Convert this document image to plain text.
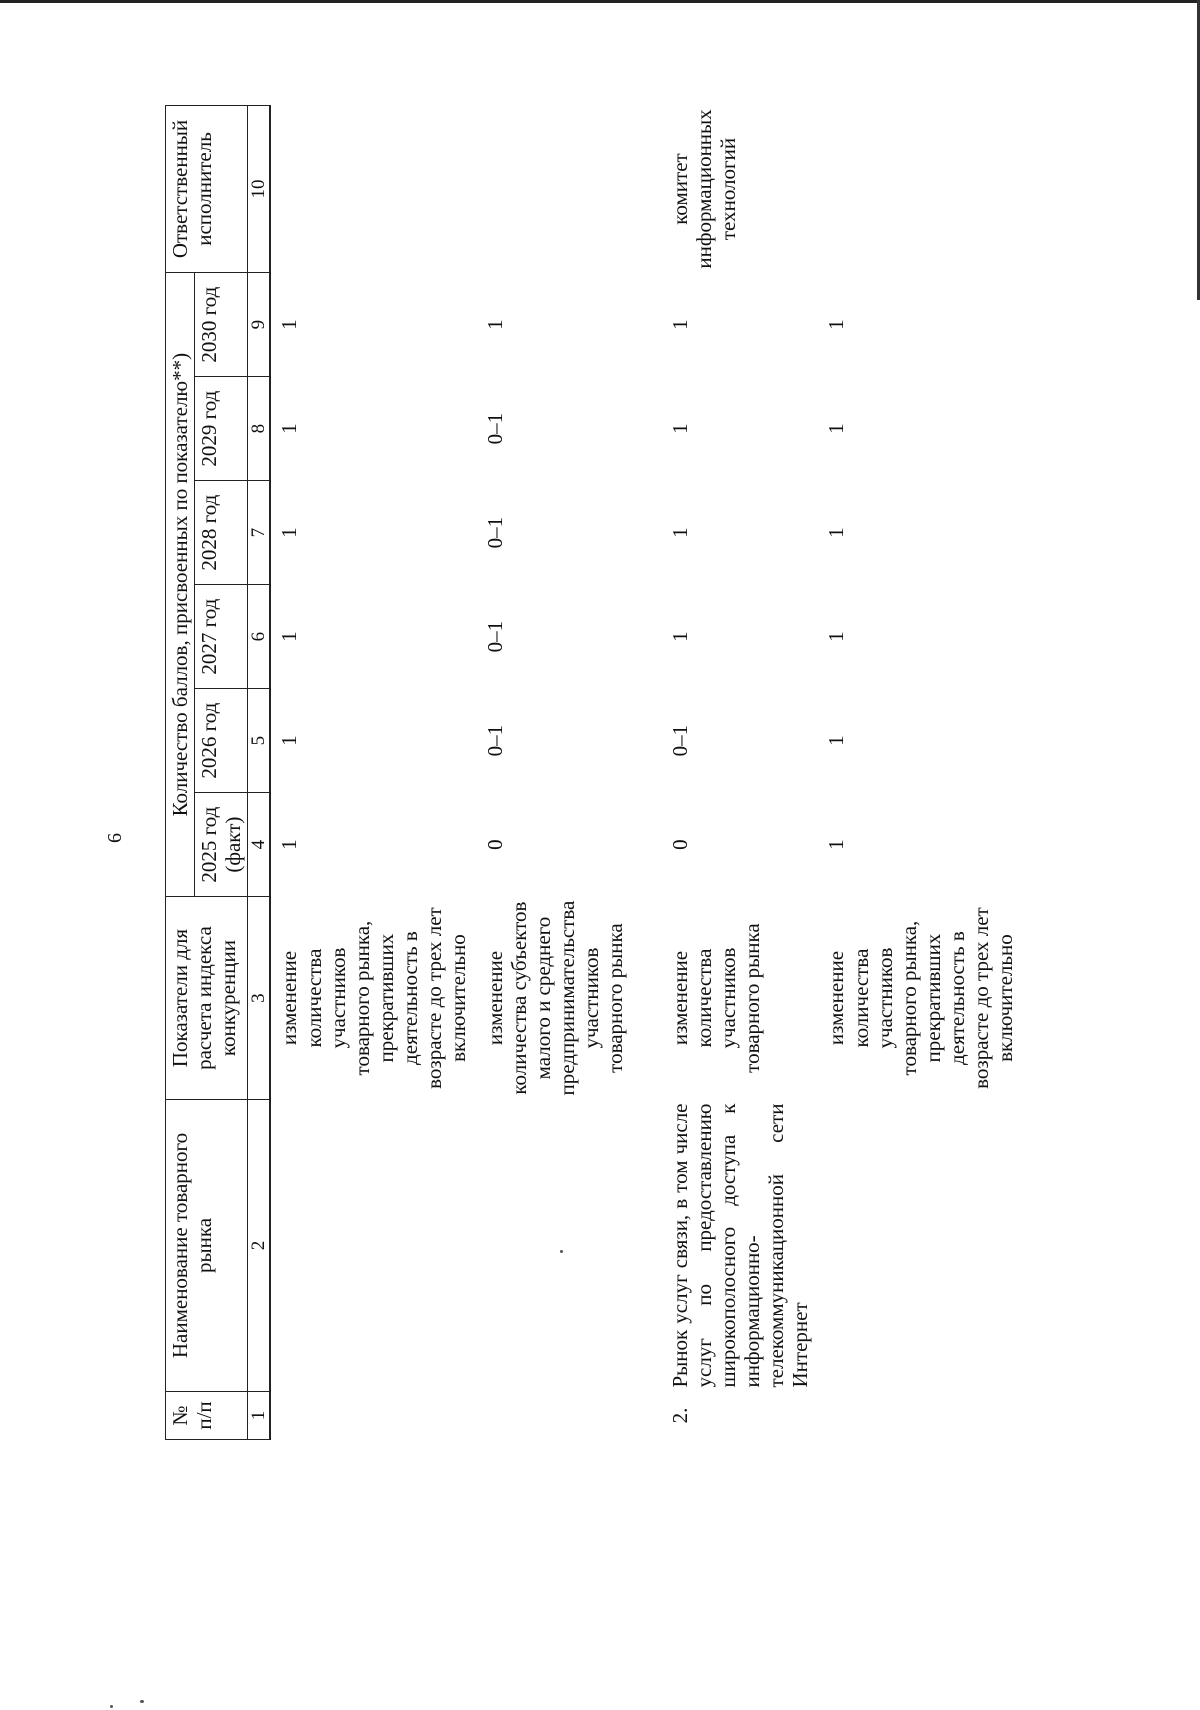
6
№ п/п	Наименование товарного рынка	Показатели для расчета индекса конкуренции	Количество баллов, присвоенных по показателю**)						Ответственный исполнитель
			2025 год (факт)	2026 год	2027 год	2028 год	2029 год	2030 год	
1	2	3	4	5	6	7	8	9	10
		изменение количества участников товарного рынка, прекративших деятельность в возрасте до трех лет включительно	1	1	1	1	1	1	
		изменение количества субъектов малого и среднего предпринимательства участников товарного рынка	0	0–1	0–1	0–1	0–1	1	
2.	Рынок услуг связи, в том числе услуг по предоставлению широкополосного доступа к информационно-телекоммуникационной сети Интернет	изменение количества участников товарного рынка	0	0–1	1	1	1	1	комитет информационных технологий
		изменение количества участников товарного рынка, прекративших деятельность в возрасте до трех лет включительно	1	1	1	1	1	1	
